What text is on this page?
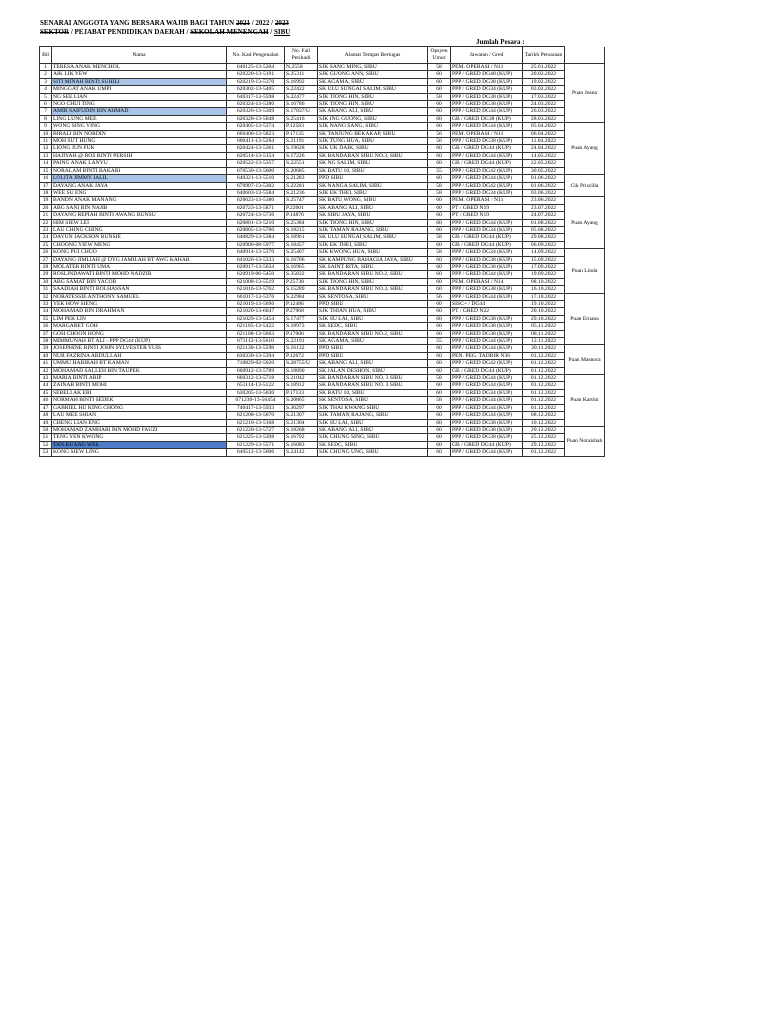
SENARAI ANGGOTA YANG BERSARA WAJIB BAGI TAHUN 2021 / 2022 / 2023
SEKTOR / PEJABAT PENDIDIKAN DAERAH / SEKOLAH MENENGAH / SIBU
Jumlah Pesara :
Bil	Nama	No. Kad Pengenalan	No. Fail Peribadi	Alamat Tempat Bertugas	Opsyen Umur	Jawatan / Gred	Tarikh Persaraan	
1	TERESA ANAK MENCHOL	640125-13-5204	N.2558	SJK SANG MING, SIBU	58	PEM. OPERASI / N11	25.01.2022	Puan Josna
2	AIK LIK YEW	620220-13-5191	S.25311	SJK GUONG ANN, SIBU	60	PPP / GRED DG48 (KUP)	20.02.2022	
3	SITI MINAH BINTI SUHILI	620219-13-5370	S.16992	SK AGAMA, SIBU	60	PPP / GRED DG38 (KUP)	19.02.2022	
4	MINGGAT ANAK UMPI	620302-13-5405	S.22422	SK ULU SUNGAI SALIM, SIBU	60	PPP / GRED DG34 (KUP)	03.02.2022	
5	NG SEE LIAN	640317-13-5598	S.22477	SJK TIONG HIN, SIBU	58	PPP / GRED DG38 (KUP)	17.03.2022	
6	NGO CHUI TING	620324-13-5380	S.16786	SJK TIONG HIN, SIBU	60	PPP / GRED DG38 (KUP)	24.03.2022	
7	AMIR SAIFUDIN BIN AHMAD	620326-13-5309	S.17837/U	SK ABANG ALI, SIBU	60	PPP / GRED DG44 (KUP)	26.03.2022	
8	LING LUNG MEE	620328-13-5048	S.25416	SJK ING GUONG, SIBU	60	GB / GRED DG38 (KUP)	28.03.2022	
9	WONG SING YING	620405-13-5374	P.12583	SJK NANG SANG, SIBU	60	PPP / GRED DG44 (KUP)	05.04.2022	Puan Ayang
10	BIRALI BIN NORDIN	660406-13-5823	P.17135	SK TANJUNG BEKAKAP, SIBU	56	PEM. OPERASI / N11	06.04.2022	
11	MOH SUT HUNG	660411-13-5284	S.21191	SJK TUNG HUA, SIBU	56	PPP / GRED DG38 (KUP)	11.04.2022	
12	LIONG JUN FUK	620424-13-5361	S.19628	SJK UK DAIK, SIBU	60	GB / GRED DG44 (KUP)	24.04.2022	
13	HAJIYAH @ ROS BINTI PERSIH	620514-13-5154	S.17226	SK BANDARAN SIBU NO.3, SIBU	60	PPP / GRED DG44 (KUP)	14.05.2022	
14	PAING ANAK LANYU	620522-13-5357	S.22551	SK NG SALIM, SIBU	60	GB / GRED DG44 (KUP)	22.05.2022	
15	NORALAM BINTI BAKARI	670530-13-5600	S.20685	SK BATU 10, SIBU	55	PPP / GRED DG42 (KUP)	30.05.2022	
16	LOLITA JIMMY JALIL	640321-13-5510	S.21283	PPD SIBU	60	PPP / GRED DG44 (KUP)	01.06.2022	Cik Priscilla
17	DAYANG ANAK JAYA	670907-13-5302	S.22281	SK NANGA SALIM, SIBU	58	PPP / GRED DG42 (KUP)	01.06.2022	
18	WEE SU ENG	640603-13-5584	S.21236	SJK EK THEI, SIBU	58	PPP / GRED DG34 (KUP)	03.06.2022	
19	BANDN ANAK MANANG	620623-13-5380	S.25747	SK BATU WONG, SIBU	60	PEM. OPERASI / N11	23.06.2022	Puan Ayang
20	ABG SANI BIN NAJIB	620723-13-5871	P.22601	SK ABANG ALI, SIBU	60	PT / GRED N19	23.07.2022	
21	DAYANG REPIAH BINTI AWANG BUNSU	620724-13-5736	P.14876	SK SIBU JAYA, SIBU	60	PT / GRED N19	24.07.2022	
22	HIM SIEW LEI	620801-13-5210	S.25384	SJK TIONG HIN, SIBU	60	PPP / GRED DG44 (KUP)	01.08.2022	
23	LAU CHING CHING	620805-13-5760	S.18215	SJK TAMAN RAJANG, SIBU	60	PPP / GRED DG34 (KUP)	05.08.2022	
24	DAYUN JACKSON BUNSIE	640829-13-5384	S.18961	SK ULU SUNGAI SALIM, SIBU	58	GB / GRED DG44 (KUP)	29.08.2022	
25	CHOONG YIEW MENG	620906-08-5977	S.18457	SJK EK THEI, SIBU	60	GB / GRED DG44 (KUP)	06.09.2022	
26	KONG PUI CHUO	640914-13-5370	S.25407	SJK KWONG HUA, SIBU	58	PPP / GRED DG34 (KUP)	14.09.2022	Puan Linda
27	DAYANG JIMLIAH @ DYG JAMILAH BT AWG KAHAR	641026-13-5333	S.16706	SK KAMPUNG BAHAGIA JAYA, SIBU	60	PPP / GRED DG38 (KUP)	15.09.2022	
28	MOLATER BINTI UMA	620917-13-5634	S.16965	SK SAINT RITA, SIBU	60	PPP / GRED DG38 (KUP)	17.09.2022	
29	ROSLINDAWATI BINTI MOHD NADZIR	620919-06-5450	S.35832	SK BANDARAN SIBU NO.2, SIBU	60	PPP / GRED DG44 (KUP)	19.09.2022	
30	ABG SAMAT BIN YACOB	621008-13-5519	P.25738	SJK TIONG HIN, SIBU	60	PEM. OPERASI / N14	08.10.2022	
31	SAADIAH BINTI BOLHASSAN	621016-13-5762	S.15289	SK BANDARAN SIBU NO.3, SIBU	60	PPP / GRED DG38 (KUP)	16.10.2022	
32	NORATESSIE ANTHONY SAMUEL	661017-13-5376	S.22984	SK SENTOSA, SIBU	56	PPP / GRED DG44 (KUP)	17.10.2022	Puan Ernana
33	YEK HOW SIENG	621019-13-5696	P.12486	PPD SIBU	60	SISC+ / DG44	19.10.2022	
34	MOHAMAD BIN DRAHMAN	621020-13-6047	P.27968	SJK THIAN HUA, SIBU	60	PT / GRED N22	20.10.2022	
35	LIM PEK LIN	621029-13-5454	S.17477	SJK SU LAI, SIBU	60	PPP / GRED DG38 (KUP)	29.10.2022	
36	MARGARET GOH	621105-13-5422	S.18973	SK SEDC, SIBU	60	PPP / GRED DG38 (KUP)	05.11.2022	
37	GOH CHOON HONG	621108-13-5663	P.17006	SK BANDARAN SIBU NO.2, SIBU	60	PPP / GRED DG38 (KUP)	08.11.2022	
38	MIMMUNAH BT ALI - PPP DG44 (KUP)	671112-13-5610	S.22191	SK AGAMA, SIBU	55	PPP / GRED DG44 (KUP)	12.11.2022	
39	JOSEPHINE BINTI JOHN SYLVESTER YUIS	621130-13-5598	S.16132	PPD SIBU	60	PPP / GRED DG44 (KUP)	30.11.2022	Puan Masnora
40	NUR FAZRINA ABDULLAH	630330-13-5394	P.12672	PPD SIBU	60	PEN. PEG. TADBIR N36	01.12.2022	
41	UMMU HABIBAH BT KAMAN	710829-02-5020	S.28755/U	SK ABANG ALI, SIBU	60	PPP / GRED DG42 (KUP)	01.12.2022	
42	MOHAMAD SALLEH BIN TAUPEK	660912-13-5789	S.18890	SK JALAN DESHON, SIBU	60	GB / GRED DG44 (KUP)	01.12.2022	
43	MARIA BINTI ARIP	660312-13-5718	S.21042	SK BANDARAN SIBU NO. 3 SIBU	58	PPP / GRED DG44 (KUP)	01.12.2022	Puan Kartini
44	ZAINAB BINTI MOHI	651114-13-5122	S.18912	SK BANDARAN SIBU NO. 3 SIBU	60	PPP / GRED DG44 (KUP)	01.12.2022	
45	SEBELI AK ERI	630205-13-5030	P.17133	SK BATU 10, SIBU	60	PPP / GRED DG34 (KUP)	01.12.2022	
46	NORMAH BINTI SEDEK	671230-13-56454	S.20865	SK SENTOSA, SIBU	58	PPP / GRED DG44 (KUP)	01.12.2022	
47	GABRIEL HU KING CHONG	740417-13-5933	S.36297	SJK THAI KWANG SIBU	60	PPP / GRED DG44 (KUP)	01.12.2022	
48	LAU MEE SHIAN	621208-13-5070	S.21307	SJK TAMAN RAJANG, SIBU	60	PPP / GRED DG44 (KUP)	08.12.2022	
49	CHENG LIAN ENG	621210-13-5168	S.21304	SJK SU LAI, SIBU	60	PPP / GRED DG38 (KUP)	10.12.2022	
50	MOHAMAD ZAMHARI BIN MOHD FAUZI	621220-13-5727	S.18268	SK ABANG ALI, SIBU	60	PPP / GRED DG38 (KUP)	20.12.2022	Puan Noraishah
51	TENG YEN KWONG	621225-13-5398	S.16792	SJK CHUNG SING, SIBU	60	PPP / GRED DG38 (KUP)	25.12.2022	
52	TAN KUANG WEE	621229-13-5571	S.16083	SK SEDC, SIBU	60	GB / GRED DG44 (KUP)	29.12.2022	
53	KONG SIEW LING	640512-13-5606	S.24142	SJK CHUNG UNG, SIBU	60	PPP / GRED DG44 (KUP)	01.12.2022	
